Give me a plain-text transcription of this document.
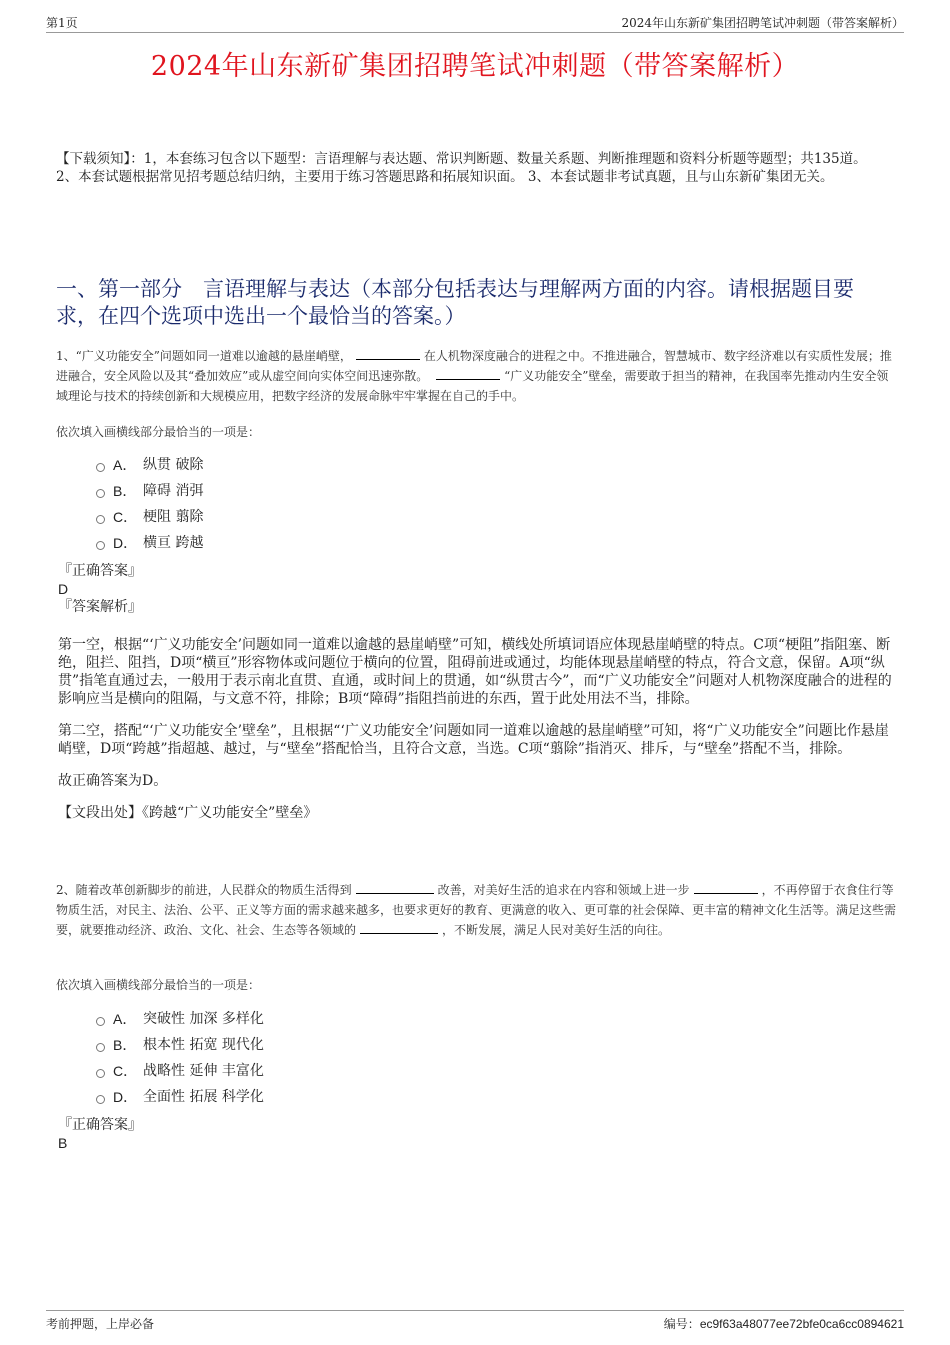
第1页	2024年山东新矿集团招聘笔试冲刺题（带答案解析）
2024年山东新矿集团招聘笔试冲刺题（带答案解析）
【下载须知】：1，本套练习包含以下题型：言语理解与表达题、常识判断题、数量关系题、判断推理题和资料分析题等题型；共135道。 2、本套试题根据常见招考题总结归纳，主要用于练习答题思路和拓展知识面。 3、本套试题非考试真题，且与山东新矿集团无关。
一、第一部分　言语理解与表达（本部分包括表达与理解两方面的内容。请根据题目要求，在四个选项中选出一个最恰当的答案。）
1、“广义功能安全”问题如同一道难以逾越的悬崖峭壁，	在人机物深度融合的进程之中。不推进融合，智慧城市、数字经济难以有实质性发展；推进融合，安全风险以及其“叠加效应”或从虚空间向实体空间迅速弥散。	“广义功能安全”壁垒，需要敢于担当的精神，在我国率先推动内生安全领域理论与技术的持续创新和大规模应用，把数字经济的发展命脉牢牢掌握在自己的手中。
依次填入画横线部分最恰当的一项是：
A． 纵贯 破除
B． 障碍 消弭
C． 梗阻 翦除
D． 横亘 跨越
『正确答案』
D
『答案解析』

第一空，根据“‘广义功能安全’问题如同一道难以逾越的悬崖峭壁”可知，横线处所填词语应体现悬崖峭壁的特点。C项“梗阻”指阻塞、断绝，阻拦、阻挡，D项“横亘”形容物体或问题位于横向的位置，阻碍前进或通过，均能体现悬崖峭壁的特点，符合文意，保留。A项“纵贯”指笔直通过去，一般用于表示南北直贯、直通，或时间上的贯通，如“纵贯古今”，而“广义功能安全”问题对人机物深度融合的进程的影响应当是横向的阻隔，与文意不符，排除；B项“障碍”指阻挡前进的东西，置于此处用法不当，排除。

第二空，搭配“‘广义功能安全’壁垒”，且根据“‘广义功能安全’问题如同一道难以逾越的悬崖峭壁”可知，将“广义功能安全”问题比作悬崖峭壁，D项“跨越”指超越、越过，与“壁垒”搭配恰当，且符合文意，当选。C项“翦除”指消灭、排斥，与“壁垒”搭配不当，排除。

故正确答案为D。

【文段出处】《跨越“广义功能安全”壁垒》

2、随着改革创新脚步的前进，人民群众的物质生活得到	改善，对美好生活的追求在内容和领域上进一步	，不再停留于衣食住行等物质生活，对民主、法治、公平、正义等方面的需求越来越多，也要求更好的教育、更满意的收入、更可靠的社会保障、更丰富的精神文化生活等。满足这些需要，就要推动经济、政治、文化、社会、生态等各领域的	，不断发展，满足人民对美好生活的向往。
依次填入画横线部分最恰当的一项是：
A． 突破性 加深 多样化
B． 根本性 拓宽 现代化
C． 战略性 延伸 丰富化
D． 全面性 拓展 科学化
『正确答案』
B
考前押题，上岸必备	编号：ec9f63a48077ee72bfe0ca6cc0894621
